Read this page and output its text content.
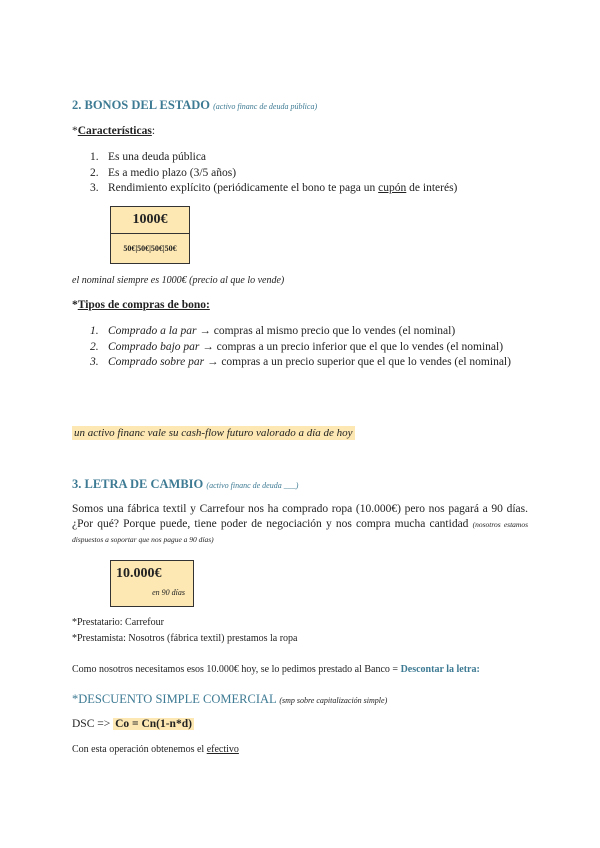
2. BONOS DEL ESTADO (activo financ de deuda pública)
*Características:
1. Es una deuda pública
2. Es a medio plazo (3/5 años)
3. Rendimiento explícito (periódicamente el bono te paga un cupón de interés)
1000€
50€|50€|50€|50€
el nominal siempre es 1000€ (precio al que lo vende)
*Tipos de compras de bono:
1. Comprado a la par → compras al mismo precio que lo vendes (el nominal)
2. Comprado bajo par → compras a un precio inferior que el que lo vendes (el nominal)
3. Comprado sobre par → compras a un precio superior que el que lo vendes (el nominal)
un activo financ vale su cash-flow futuro valorado a día de hoy
3. LETRA DE CAMBIO (activo financ de deuda ___)
Somos una fábrica textil y Carrefour nos ha comprado ropa (10.000€) pero nos pagará a 90 días. ¿Por qué? Porque puede, tiene poder de negociación y nos compra mucha cantidad (nosotros estamos dispuestos a soportar que nos pague a 90 días)
10.000€
en 90 días
*Prestatario: Carrefour
*Prestamista: Nosotros (fábrica textil) prestamos la ropa
Como nosotros necesitamos esos 10.000€ hoy, se lo pedimos prestado al Banco = Descontar la letra:
*DESCUENTO SIMPLE COMERCIAL (smp sobre capitalización simple)
DSC => Co = Cn(1-n*d)
Con esta operación obtenemos el efectivo
